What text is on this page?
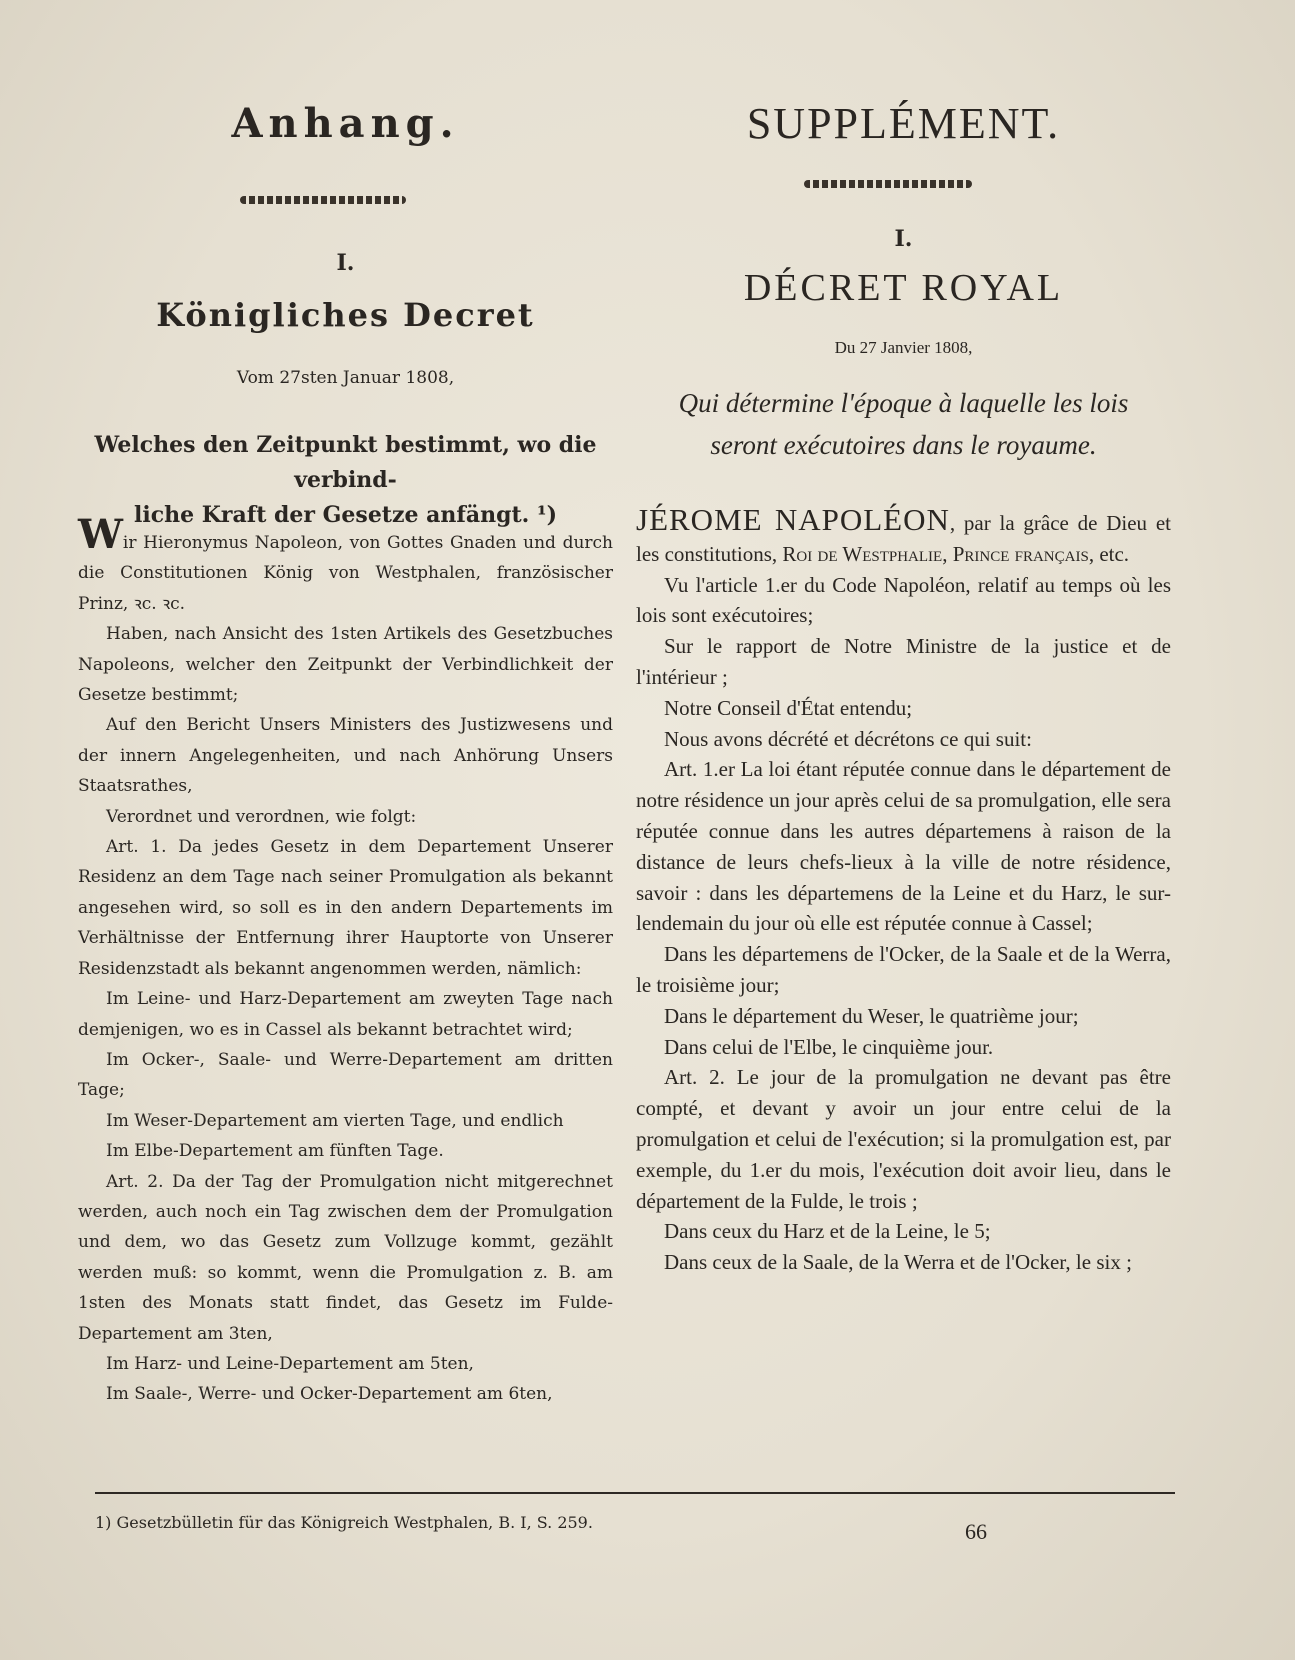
Anhang.
I.
Königliches Decret
Vom 27sten Januar 1808,
Welches den Zeitpunkt bestimmt, wo die verbind-
liche Kraft der Gesetze anfängt. ¹)

Wir Hieronymus Napoleon, von Gottes Gnaden und durch die Constitutionen König von Westphalen, französischer Prinz, ꝛc. ꝛc.

Haben, nach Ansicht des 1sten Artikels des Gesetzbuches Napoleons, welcher den Zeitpunkt der Verbindlichkeit der Gesetze bestimmt;

Auf den Bericht Unsers Ministers des Justizwesens und der innern Angelegenheiten, und nach Anhörung Unsers Staatsrathes,

Verordnet und verordnen, wie folgt:

Art. 1. Da jedes Gesetz in dem Departement Unserer Residenz an dem Tage nach seiner Promulgation als bekannt angesehen wird, so soll es in den andern Departements im Verhältnisse der Entfernung ihrer Hauptorte von Unserer Residenzstadt als bekannt angenommen werden, nämlich:

Im Leine- und Harz-Departement am zweyten Tage nach demjenigen, wo es in Cassel als bekannt betrachtet wird;

Im Ocker-, Saale- und Werre-Departement am dritten Tage;

Im Weser-Departement am vierten Tage, und endlich

Im Elbe-Departement am fünften Tage.

Art. 2. Da der Tag der Promulgation nicht mitgerechnet werden, auch noch ein Tag zwischen dem der Promulgation und dem, wo das Gesetz zum Vollzuge kommt, gezählt werden muß: so kommt, wenn die Promulgation z. B. am 1sten des Monats statt findet, das Gesetz im Fulde-Departement am 3ten,

Im Harz- und Leine-Departement am 5ten,

Im Saale-, Werre- und Ocker-Departement am 6ten,

SUPPLÉMENT.
I.
DÉCRET ROYAL
Du 27 Janvier 1808,
Qui détermine l'époque à laquelle les lois
seront exécutoires dans le royaume.

JÉROME NAPOLÉON, par la grâce de Dieu et les constitutions, Roi de Westphalie, Prince français, etc.

Vu l'article 1.er du Code Napoléon, relatif au temps où les lois sont exécutoires;

Sur le rapport de Notre Ministre de la justice et de l'intérieur ;

Notre Conseil d'État entendu;

Nous avons décrété et décrétons ce qui suit:

Art. 1.er La loi étant réputée connue dans le département de notre résidence un jour après celui de sa promulgation, elle sera réputée connue dans les autres départemens à raison de la distance de leurs chefs-lieux à la ville de notre résidence, savoir : dans les départemens de la Leine et du Harz, le sur-lendemain du jour où elle est réputée connue à Cassel;

Dans les départemens de l'Ocker, de la Saale et de la Werra, le troisième jour;

Dans le département du Weser, le quatrième jour;

Dans celui de l'Elbe, le cinquième jour.

Art. 2. Le jour de la promulgation ne devant pas être compté, et devant y avoir un jour entre celui de la promulgation et celui de l'exécution; si la promulgation est, par exemple, du 1.er du mois, l'exécution doit avoir lieu, dans le département de la Fulde, le trois ;

Dans ceux du Harz et de la Leine, le 5;

Dans ceux de la Saale, de la Werra et de l'Ocker, le six ;

1) Gesetzbülletin für das Königreich Westphalen, B. I, S. 259.	66
